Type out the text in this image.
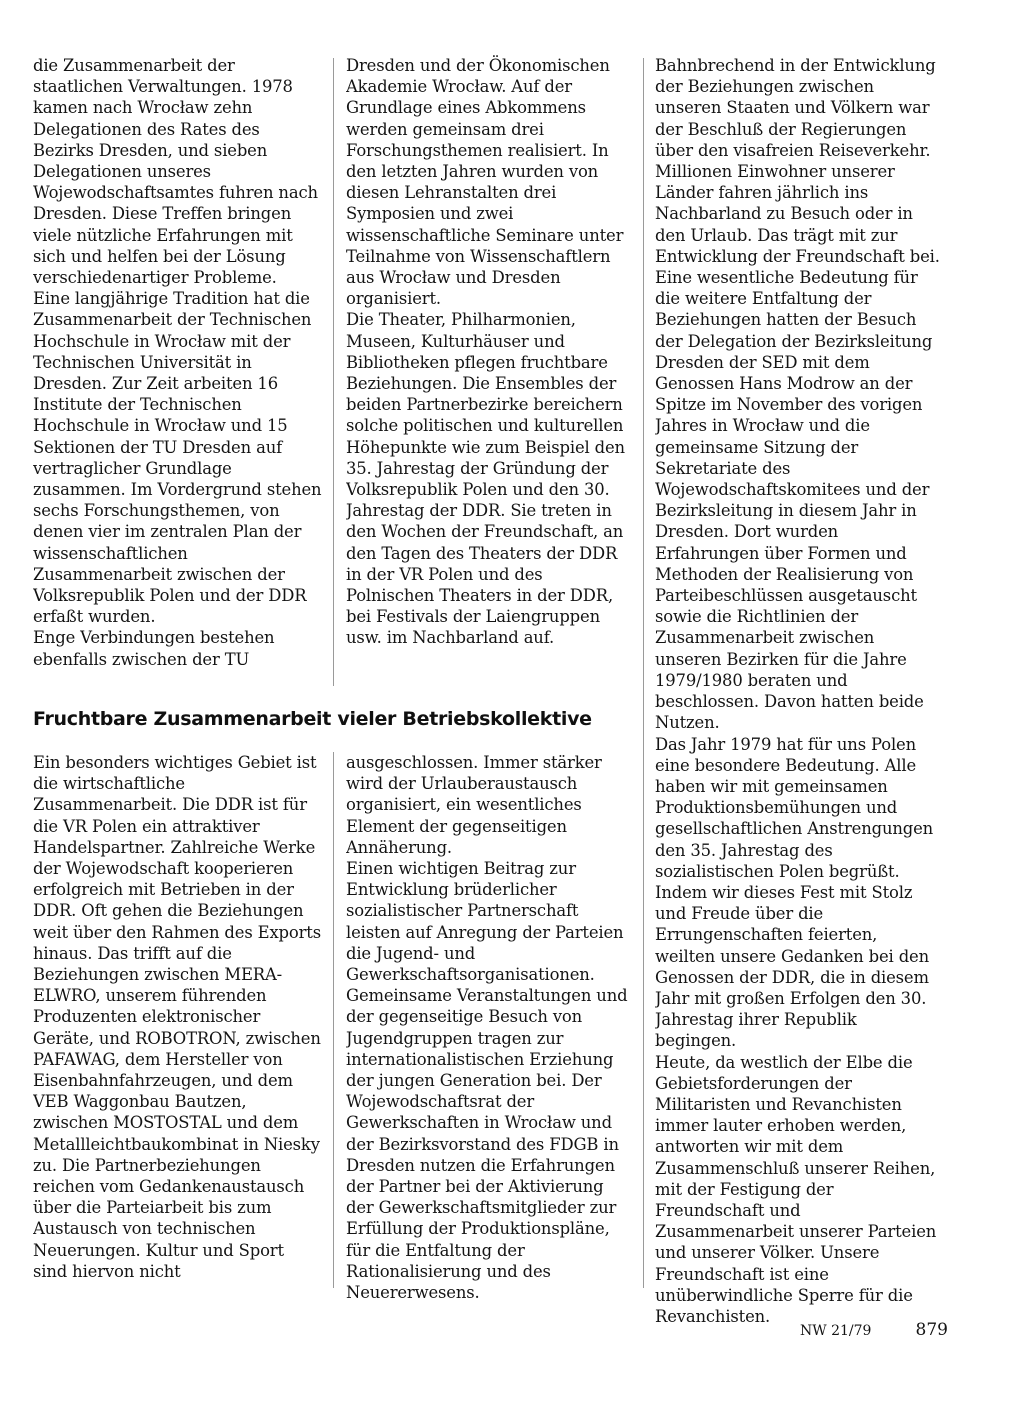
die Zusammenarbeit der staatlichen Verwaltungen. 1978 kamen nach Wrocław zehn Delegationen des Rates des Bezirks Dresden, und sieben Delegationen unseres Wojewodschaftsamtes fuhren nach Dresden. Diese Treffen bringen viele nützliche Erfahrungen mit sich und helfen bei der Lösung verschiedenartiger Probleme.
Eine langjährige Tradition hat die Zusammenarbeit der Technischen Hochschule in Wrocław mit der Technischen Universität in Dresden. Zur Zeit arbeiten 16 Institute der Technischen Hochschule in Wrocław und 15 Sektionen der TU Dresden auf vertraglicher Grundlage zusammen. Im Vordergrund stehen sechs Forschungsthemen, von denen vier im zentralen Plan der wissenschaftlichen Zusammenarbeit zwischen der Volksrepublik Polen und der DDR erfaßt wurden.
Enge Verbindungen bestehen ebenfalls zwischen der TU
Dresden und der Ökonomischen Akademie Wrocław. Auf der Grundlage eines Abkommens werden gemeinsam drei Forschungsthemen realisiert. In den letzten Jahren wurden von diesen Lehranstalten drei Symposien und zwei wissenschaftliche Seminare unter Teilnahme von Wissenschaftlern aus Wrocław und Dresden organisiert.
Die Theater, Philharmonien, Museen, Kulturhäuser und Bibliotheken pflegen fruchtbare Beziehungen. Die Ensembles der beiden Partnerbezirke bereichern solche politischen und kulturellen Höhepunkte wie zum Beispiel den 35. Jahrestag der Gründung der Volksrepublik Polen und den 30. Jahrestag der DDR. Sie treten in den Wochen der Freundschaft, an den Tagen des Theaters der DDR in der VR Polen und des Polnischen Theaters in der DDR, bei Festivals der Laiengruppen usw. im Nachbarland auf.
Bahnbrechend in der Entwicklung der Beziehungen zwischen unseren Staaten und Völkern war der Beschluß der Regierungen über den visafreien Reiseverkehr. Millionen Einwohner unserer Länder fahren jährlich ins Nachbarland zu Besuch oder in den Urlaub. Das trägt mit zur Entwicklung der Freundschaft bei.
Eine wesentliche Bedeutung für die weitere Entfaltung der Beziehungen hatten der Besuch der Delegation der Bezirksleitung Dresden der SED mit dem Genossen Hans Modrow an der Spitze im November des vorigen Jahres in Wrocław und die gemeinsame Sitzung der Sekretariate des Wojewodschaftskomitees und der Bezirksleitung in diesem Jahr in Dresden. Dort wurden Erfahrungen über Formen und Methoden der Realisierung von Parteibeschlüssen ausgetauscht sowie die Richtlinien der Zusammenarbeit zwischen unseren Bezirken für die Jahre 1979/1980 beraten und beschlossen. Davon hatten beide Nutzen.
Das Jahr 1979 hat für uns Polen eine besondere Bedeutung. Alle haben wir mit gemeinsamen Produktionsbemühungen und gesellschaftlichen Anstrengungen den 35. Jahrestag des sozialistischen Polen begrüßt. Indem wir dieses Fest mit Stolz und Freude über die Errungenschaften feierten, weilten unsere Gedanken bei den Genossen der DDR, die in diesem Jahr mit großen Erfolgen den 30. Jahrestag ihrer Republik begingen.
Heute, da westlich der Elbe die Gebietsforderungen der Militaristen und Revanchisten immer lauter erhoben werden, antworten wir mit dem Zusammenschluß unserer Reihen, mit der Festigung der Freundschaft und Zusammenarbeit unserer Parteien und unserer Völker. Unsere Freundschaft ist eine unüberwindliche Sperre für die Revanchisten.
Fruchtbare Zusammenarbeit vieler Betriebskollektive
Ein besonders wichtiges Gebiet ist die wirtschaftliche Zusammenarbeit. Die DDR ist für die VR Polen ein attraktiver Handelspartner. Zahlreiche Werke der Wojewodschaft kooperieren erfolgreich mit Betrieben in der DDR. Oft gehen die Beziehungen weit über den Rahmen des Exports hinaus. Das trifft auf die Beziehungen zwischen MERA-ELWRO, unserem führenden Produzenten elektronischer Geräte, und ROBOTRON, zwischen PAFAWAG, dem Hersteller von Eisenbahnfahrzeugen, und dem VEB Waggonbau Bautzen, zwischen MOSTOSTAL und dem Metallleichtbaukombinat in Niesky zu. Die Partnerbeziehungen reichen vom Gedankenaustausch über die Parteiarbeit bis zum Austausch von technischen Neuerungen. Kultur und Sport sind hiervon nicht
ausgeschlossen. Immer stärker wird der Urlauberaustausch organisiert, ein wesentliches Element der gegenseitigen Annäherung.
Einen wichtigen Beitrag zur Entwicklung brüderlicher sozialistischer Partnerschaft leisten auf Anregung der Parteien die Jugend- und Gewerkschaftsorganisationen. Gemeinsame Veranstaltungen und der gegenseitige Besuch von Jugendgruppen tragen zur internationalistischen Erziehung der jungen Generation bei. Der Wojewodschaftsrat der Gewerkschaften in Wrocław und der Bezirksvorstand des FDGB in Dresden nutzen die Erfahrungen der Partner bei der Aktivierung der Gewerkschaftsmitglieder zur Erfüllung der Produktionspläne, für die Entfaltung der Rationalisierung und des Neuererwesens.
NW 21/79	879
